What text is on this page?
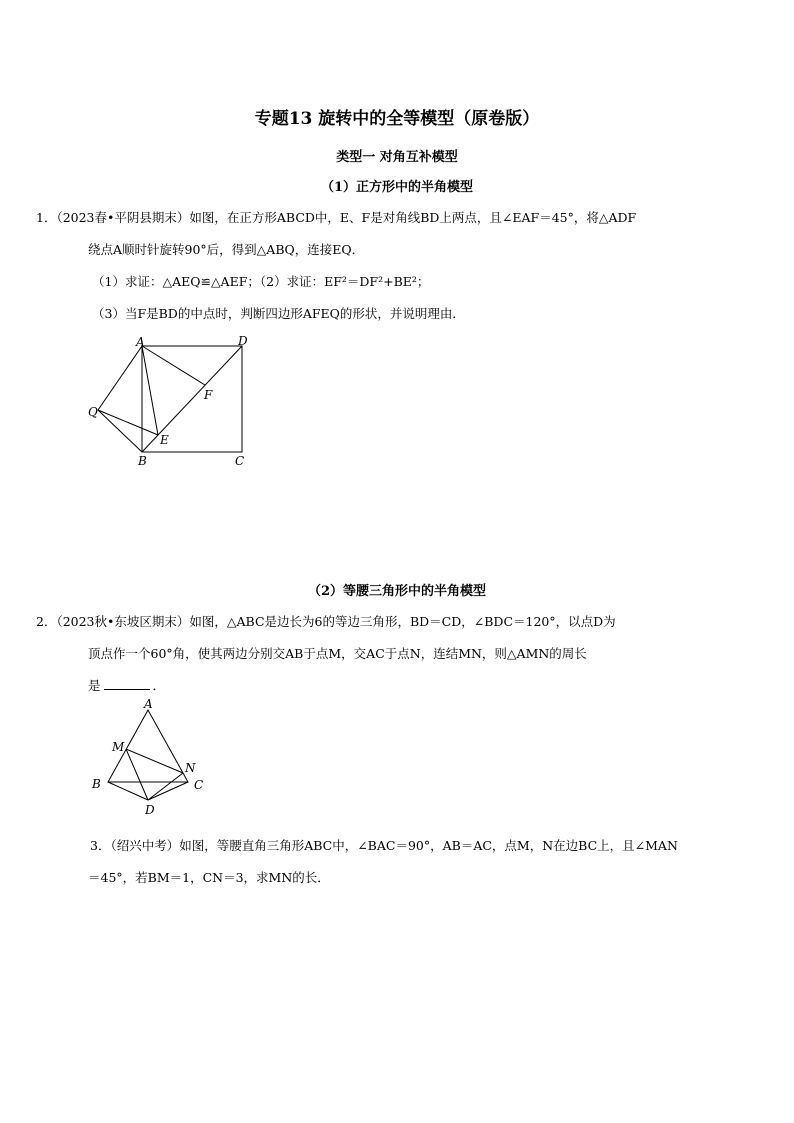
专题13 旋转中的全等模型（原卷版）
类型一 对角互补模型
（1）正方形中的半角模型
1．（2023春•平阴县期末）如图，在正方形ABCD中，E、F是对角线BD上两点，且∠EAF＝45°，将△ADF
绕点A顺时针旋转90°后，得到△ABQ，连接EQ．
（1）求证：△AEQ≌△AEF；（2）求证：EF²＝DF²+BE²；
（3）当F是BD的中点时，判断四边形AFEQ的形状，并说明理由．
A	D
F
Q
E
B	C
（2）等腰三角形中的半角模型
2．（2023秋•东坡区期末）如图，△ABC是边长为6的等边三角形，BD＝CD，∠BDC＝120°，以点D为
顶点作一个60°角，使其两边分别交AB于点M，交AC于点N，连结MN，则△AMN的周长
是	．
A
M
N
B	C
D
3．（绍兴中考）如图，等腰直角三角形ABC中，∠BAC＝90°，AB＝AC，点M，N在边BC上，且∠MAN
＝45°，若BM＝1，CN＝3，求MN的长．
